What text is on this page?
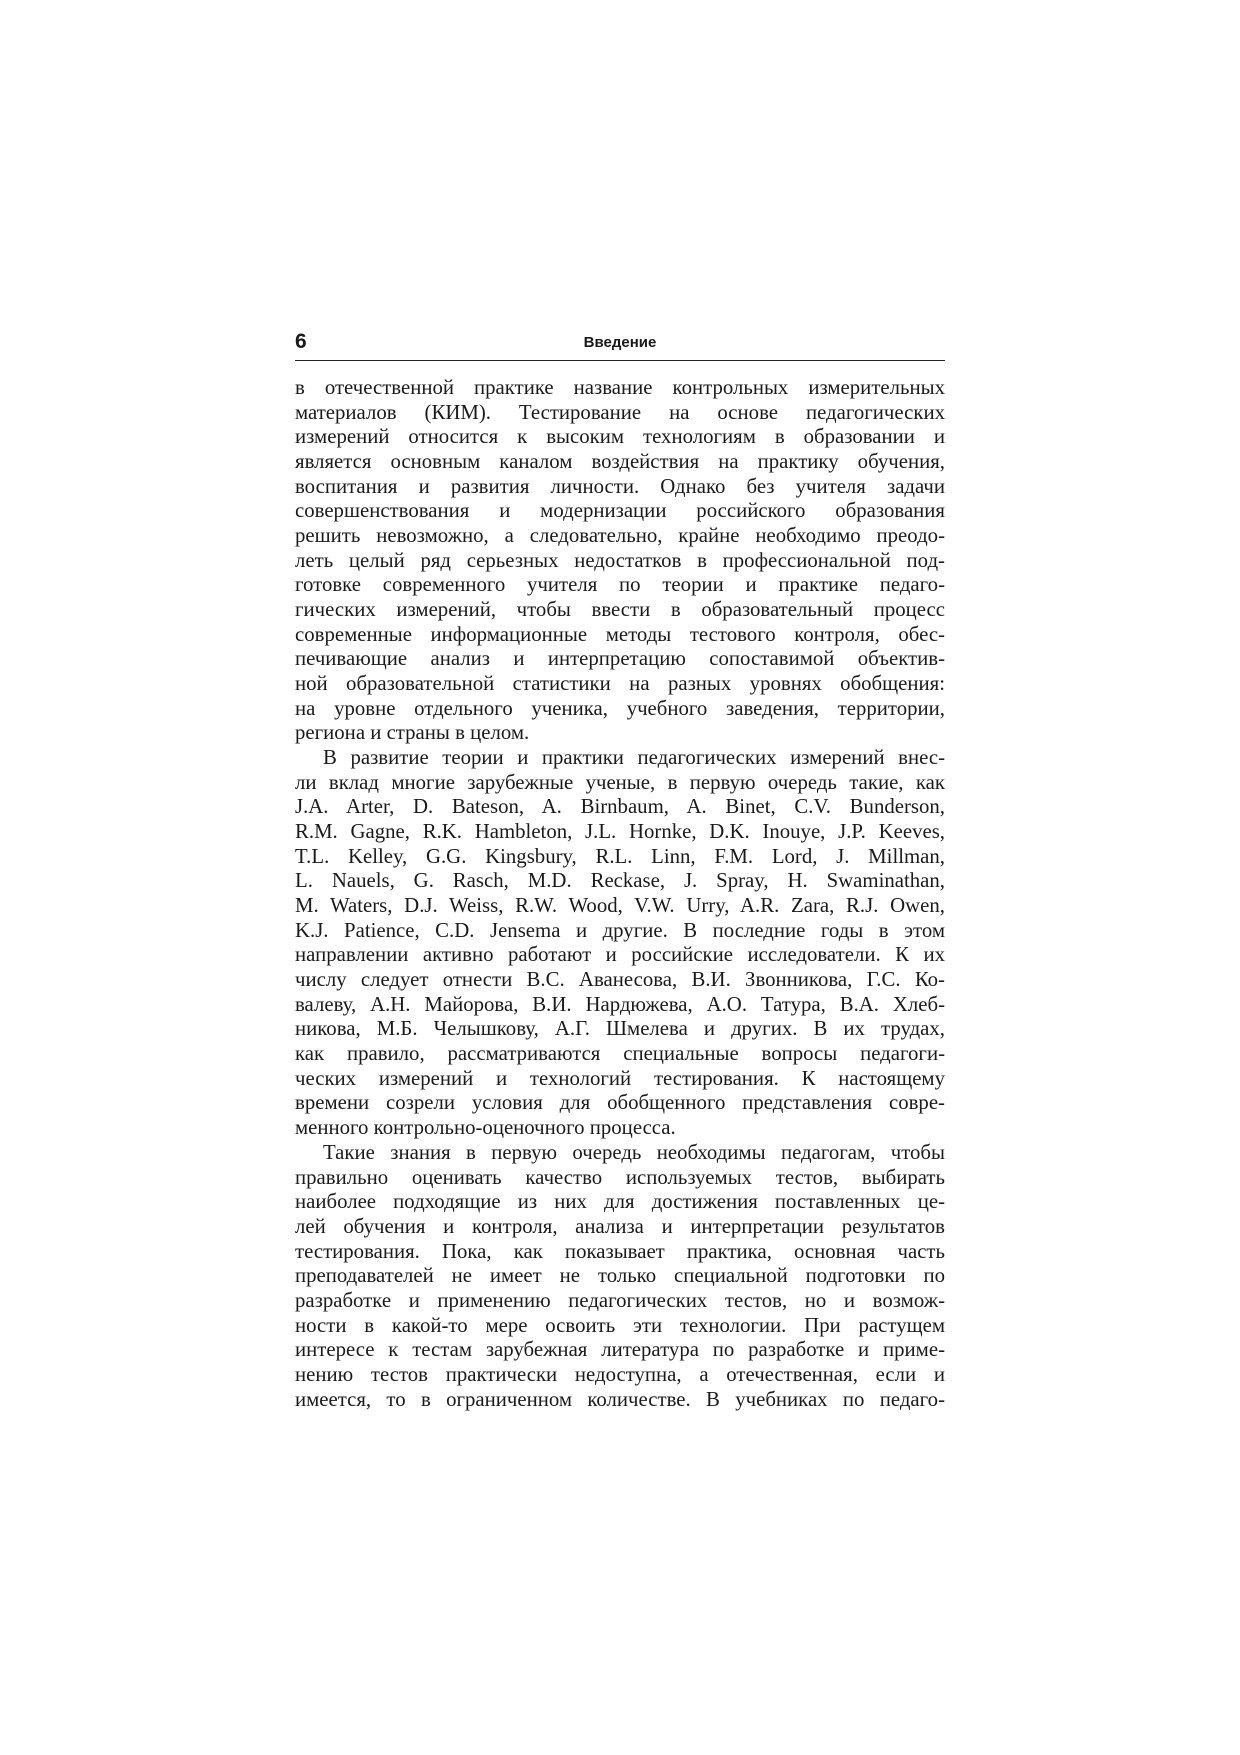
6	Введение
в отечественной практике название контрольных измерительных
материалов (КИМ). Тестирование на основе педагогических
измерений относится к высоким технологиям в образовании и
является основным каналом воздействия на практику обучения,
воспитания и развития личности. Однако без учителя задачи
совершенствования и модернизации российского образования
решить невозможно, а следовательно, крайне необходимо преодо-
леть целый ряд серьезных недостатков в профессиональной под-
готовке современного учителя по теории и практике педаго-
гических измерений, чтобы ввести в образовательный процесс
современные информационные методы тестового контроля, обес-
печивающие анализ и интерпретацию сопоставимой объектив-
ной образовательной статистики на разных уровнях обобщения:
на уровне отдельного ученика, учебного заведения, территории,
региона и страны в целом.
В развитие теории и практики педагогических измерений внес-
ли вклад многие зарубежные ученые, в первую очередь такие, как
J.A. Arter, D. Bateson, A. Birnbaum, A. Binet, C.V. Bunderson,
R.M. Gagne, R.K. Hambleton, J.L. Hornke, D.K. Inouye, J.P. Keeves,
T.L. Kelley, G.G. Kingsbury, R.L. Linn, F.M. Lord, J. Millman,
L. Nauels, G. Rasch, M.D. Reckase, J. Spray, H. Swaminathan,
M. Waters, D.J. Weiss, R.W. Wood, V.W. Urry, A.R. Zara, R.J. Owen,
K.J. Patience, C.D. Jensema и другие. В последние годы в этом
направлении активно работают и российские исследователи. К их
числу следует отнести В.С. Аванесова, В.И. Звонникова, Г.С. Ко-
валеву, А.Н. Майорова, В.И. Нардюжева, А.О. Татура, В.А. Хлеб-
никова, М.Б. Челышкову, А.Г. Шмелева и других. В их трудах,
как правило, рассматриваются специальные вопросы педагоги-
ческих измерений и технологий тестирования. К настоящему
времени созрели условия для обобщенного представления совре-
менного контрольно-оценочного процесса.
Такие знания в первую очередь необходимы педагогам, чтобы
правильно оценивать качество используемых тестов, выбирать
наиболее подходящие из них для достижения поставленных це-
лей обучения и контроля, анализа и интерпретации результатов
тестирования. Пока, как показывает практика, основная часть
преподавателей не имеет не только специальной подготовки по
разработке и применению педагогических тестов, но и возмож-
ности в какой-то мере освоить эти технологии. При растущем
интересе к тестам зарубежная литература по разработке и приме-
нению тестов практически недоступна, а отечественная, если и
имеется, то в ограниченном количестве. В учебниках по педаго-
